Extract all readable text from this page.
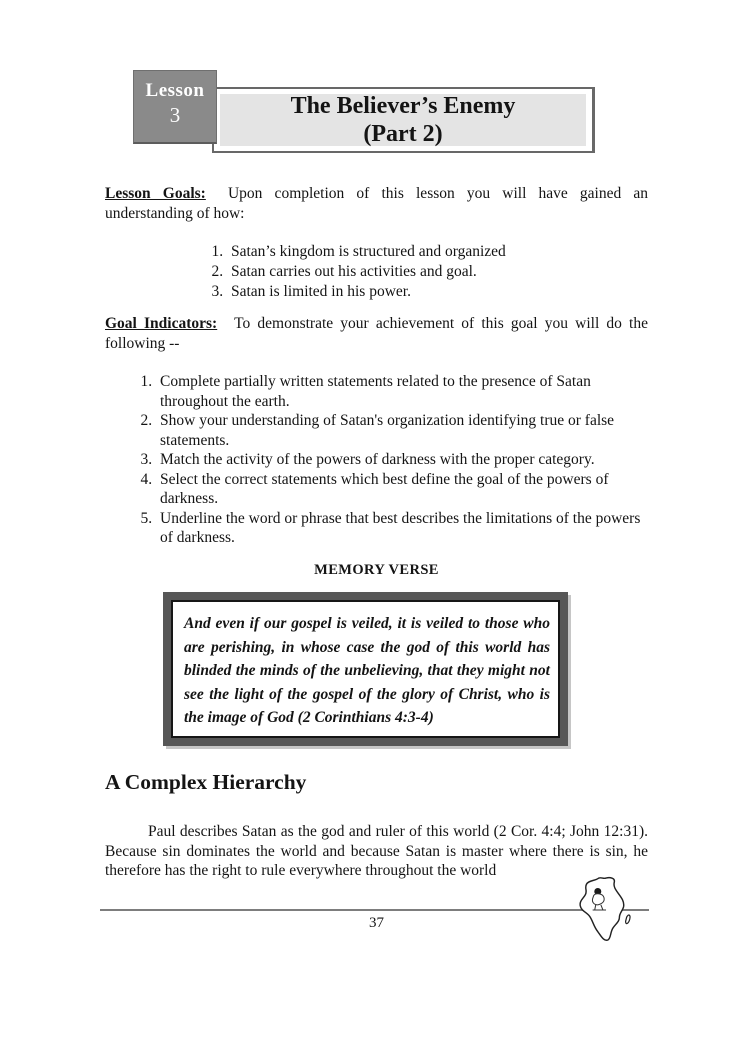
Lesson
3	The Believer’s Enemy
(Part 2)

Lesson Goals: Upon completion of this lesson you will have gained an understanding of how:

1. Satan’s kingdom is structured and organized
2. Satan carries out his activities and goal.
3. Satan is limited in his power.

Goal Indicators: To demonstrate your achievement of this goal you will do the following --

1. Complete partially written statements related to the presence of Satan throughout the earth.
2. Show your understanding of Satan's organization identifying true or false statements.
3. Match the activity of the powers of darkness with the proper category.
4. Select the correct statements which best define the goal of the powers of darkness.
5. Underline the word or phrase that best describes the limitations of the powers of darkness.
MEMORY VERSE

And even if our gospel is veiled, it is veiled to those who are perishing, in whose case the god of this world has blinded the minds of the unbelieving, that they might not see the light of the gospel of the glory of Christ, who is the image of God (2 Corinthians 4:3-4)

A Complex Hierarchy

Paul describes Satan as the god and ruler of this world (2 Cor. 4:4; John 12:31). Because sin dominates the world and because Satan is master where there is sin, he therefore has the right to rule everywhere throughout the world

37
